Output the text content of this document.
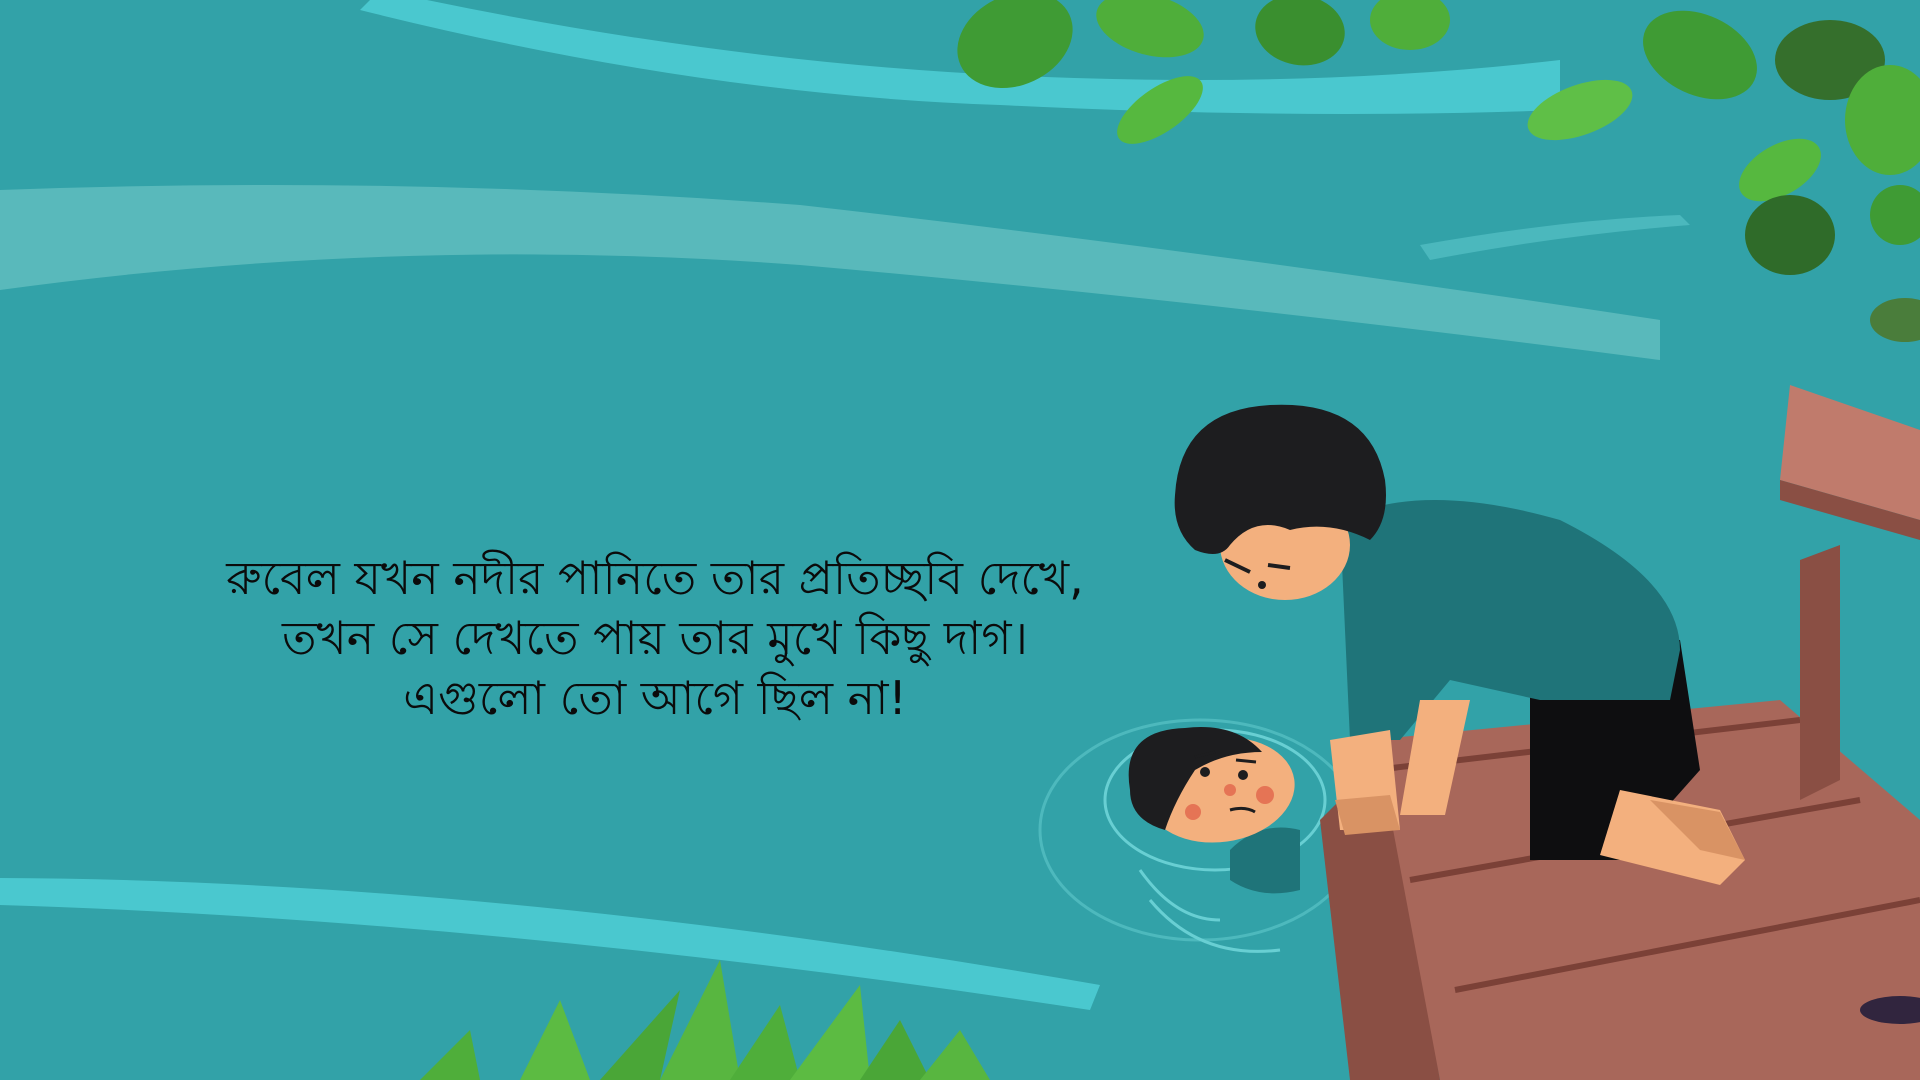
রুবেল যখন নদীর পানিতে তার প্রতিচ্ছবি দেখে,
তখন সে দেখতে পায় তার মুখে কিছু দাগ।
এগুলো তো আগে ছিল না!
